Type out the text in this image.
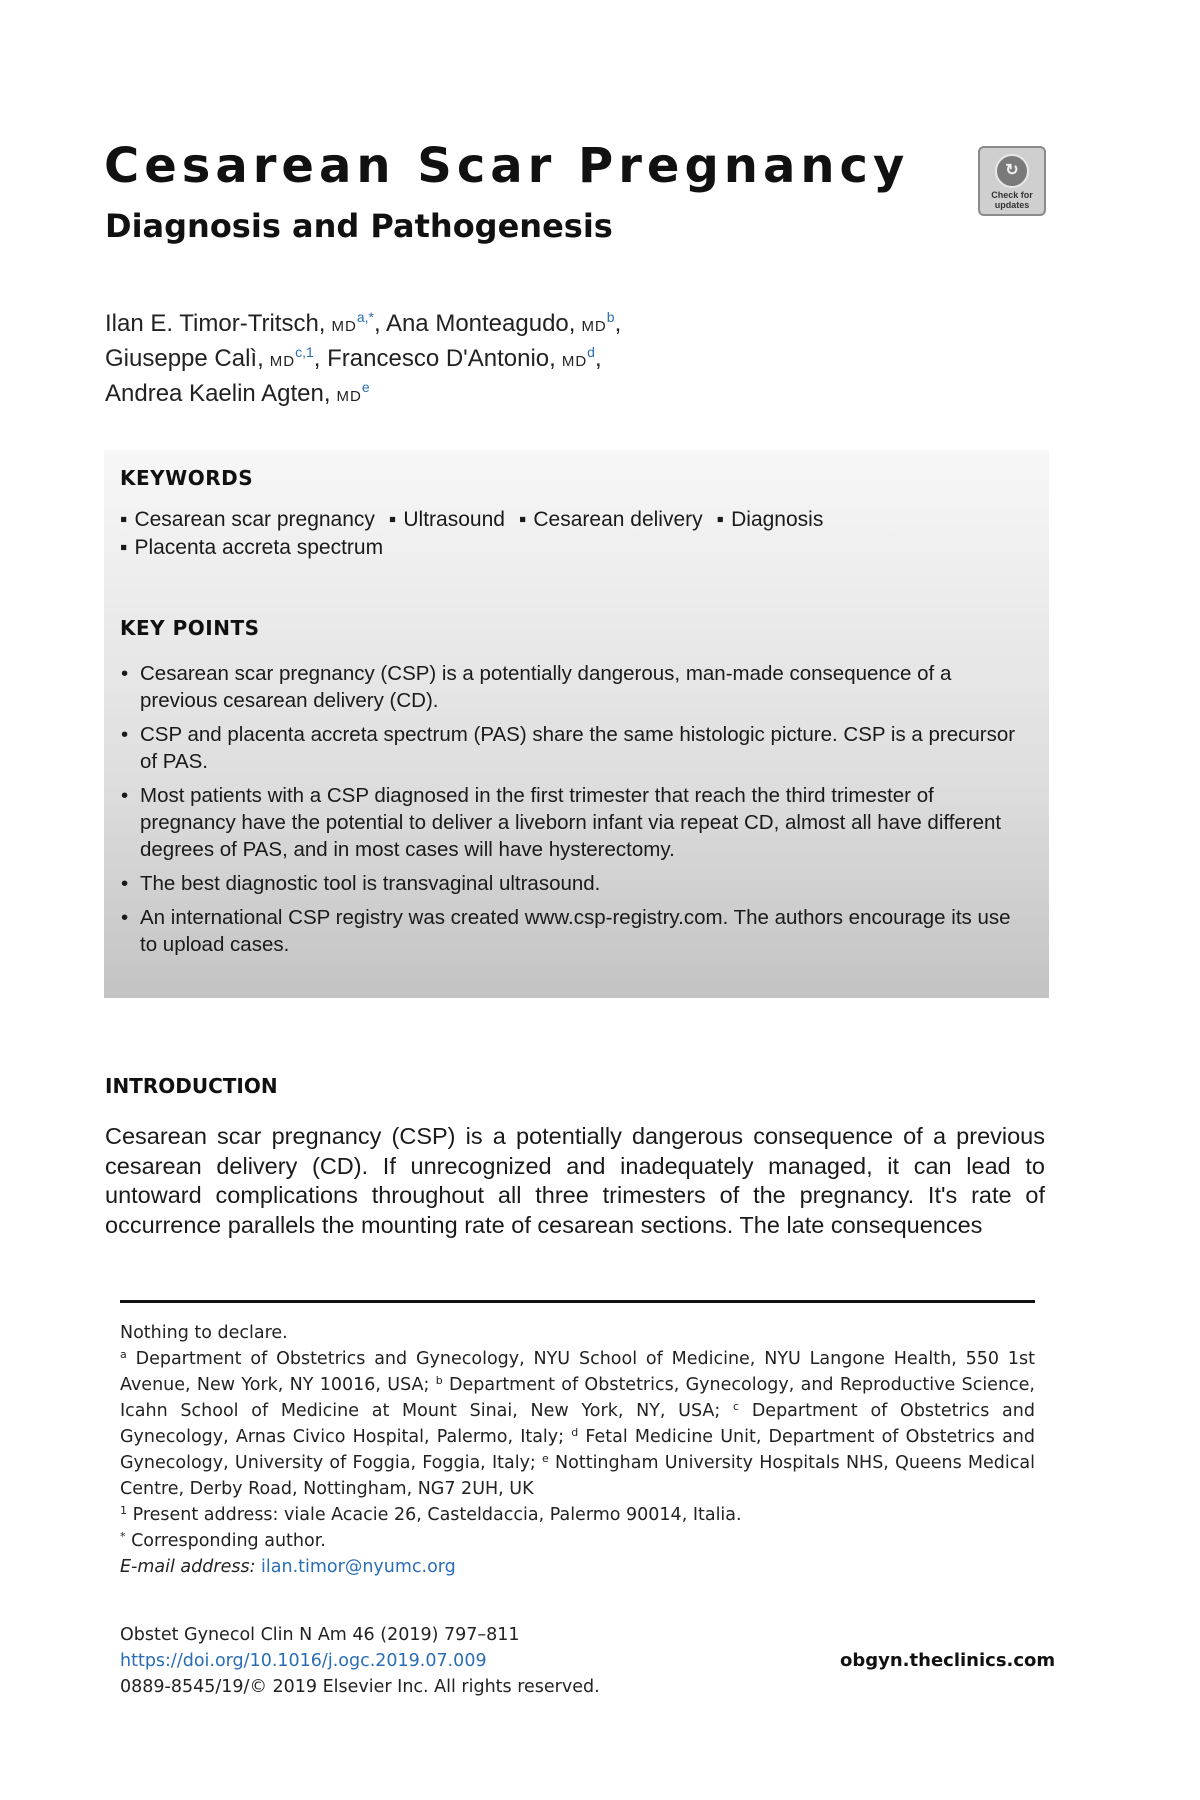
Cesarean Scar Pregnancy
Diagnosis and Pathogenesis
↻
Check for updates
Ilan E. Timor-Tritsch, $MD^{a,*}$, Ana Monteagudo, $MD^b$,
Giuseppe Calì, MD$^{c,1}$, Francesco D'Antonio, $MD^d$,
Andrea Kaelin Agten, MDe
KEYWORDS
▪ Cesarean scar pregnancy ▪ Ultrasound ▪ Cesarean delivery ▪ Diagnosis
▪ Placenta accreta spectrum
KEY POINTS
• Cesarean scar pregnancy (CSP) is a potentially dangerous, man-made consequence of a previous cesarean delivery (CD).
• CSP and placenta accreta spectrum (PAS) share the same histologic picture. CSP is a precursor of PAS.
• Most patients with a CSP diagnosed in the first trimester that reach the third trimester of pregnancy have the potential to deliver a liveborn infant via repeat CD, almost all have different degrees of PAS, and in most cases will have hysterectomy.
• The best diagnostic tool is transvaginal ultrasound.
• An international CSP registry was created www.csp-registry.com. The authors encourage its use to upload cases.
INTRODUCTION

Cesarean scar pregnancy (CSP) is a potentially dangerous consequence of a previous cesarean delivery (CD). If unrecognized and inadequately managed, it can lead to untoward complications throughout all three trimesters of the pregnancy. It's rate of occurrence parallels the mounting rate of cesarean sections. The late consequences

Nothing to declare.

$^a$ Department of Obstetrics and Gynecology, NYU School of Medicine, NYU Langone Health, 550 1st Avenue, New York, NY 10016, USA; $^b$ Department of Obstetrics, Gynecology, and Reproductive Science, Icahn School of Medicine at Mount Sinai, New York, NY, USA; $^c$ Department of Obstetrics and Gynecology, Arnas Civico Hospital, Palermo, Italy; $^d$ Fetal Medicine Unit, Department of Obstetrics and Gynecology, University of Foggia, Foggia, Italy; $^e$ Nottingham University Hospitals NHS, Queens Medical Centre, Derby Road, Nottingham, NG7 2UH, UK

$^1$ Present address: viale Acacie 26, Casteldaccia, Palermo 90014, Italia.

* Corresponding author.

E-mail address: ilan.timor@nyumc.org

Obstet Gynecol Clin N Am 46 (2019) 797–811

https://doi.org/10.1016/j.ogc.2019.07.009

0889-8545/19/© 2019 Elsevier Inc. All rights reserved.

obgyn.theclinics.com
